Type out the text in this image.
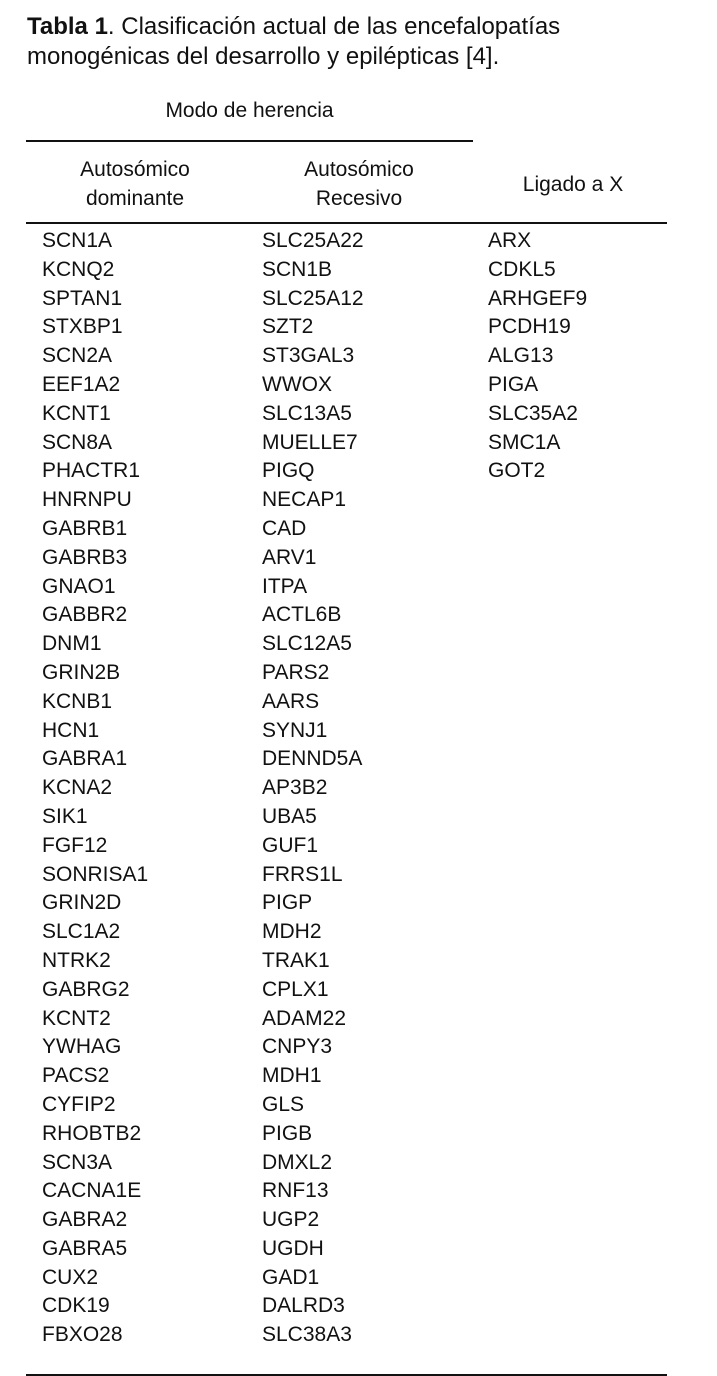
Tabla 1. Clasificación actual de las encefalopatías monogénicas del desarrollo y epilépticas [4].
Modo de herencia
Autosómico
dominante
Autosómico
Recesivo
Ligado a X
SCN1A
KCNQ2
SPTAN1
STXBP1
SCN2A
EEF1A2
KCNT1
SCN8A
PHACTR1
HNRNPU
GABRB1
GABRB3
GNAO1
GABBR2
DNM1
GRIN2B
KCNB1
HCN1
GABRA1
KCNA2
SIK1
FGF12
SONRISA1
GRIN2D
SLC1A2
NTRK2
GABRG2
KCNT2
YWHAG
PACS2
CYFIP2
RHOBTB2
SCN3A
CACNA1E
GABRA2
GABRA5
CUX2
CDK19
FBXO28
SLC25A22
SCN1B
SLC25A12
SZT2
ST3GAL3
WWOX
SLC13A5
MUELLE7
PIGQ
NECAP1
CAD
ARV1
ITPA
ACTL6B
SLC12A5
PARS2
AARS
SYNJ1
DENND5A
AP3B2
UBA5
GUF1
FRRS1L
PIGP
MDH2
TRAK1
CPLX1
ADAM22
CNPY3
MDH1
GLS
PIGB
DMXL2
RNF13
UGP2
UGDH
GAD1
DALRD3
SLC38A3
ARX
CDKL5
ARHGEF9
PCDH19
ALG13
PIGA
SLC35A2
SMC1A
GOT2
